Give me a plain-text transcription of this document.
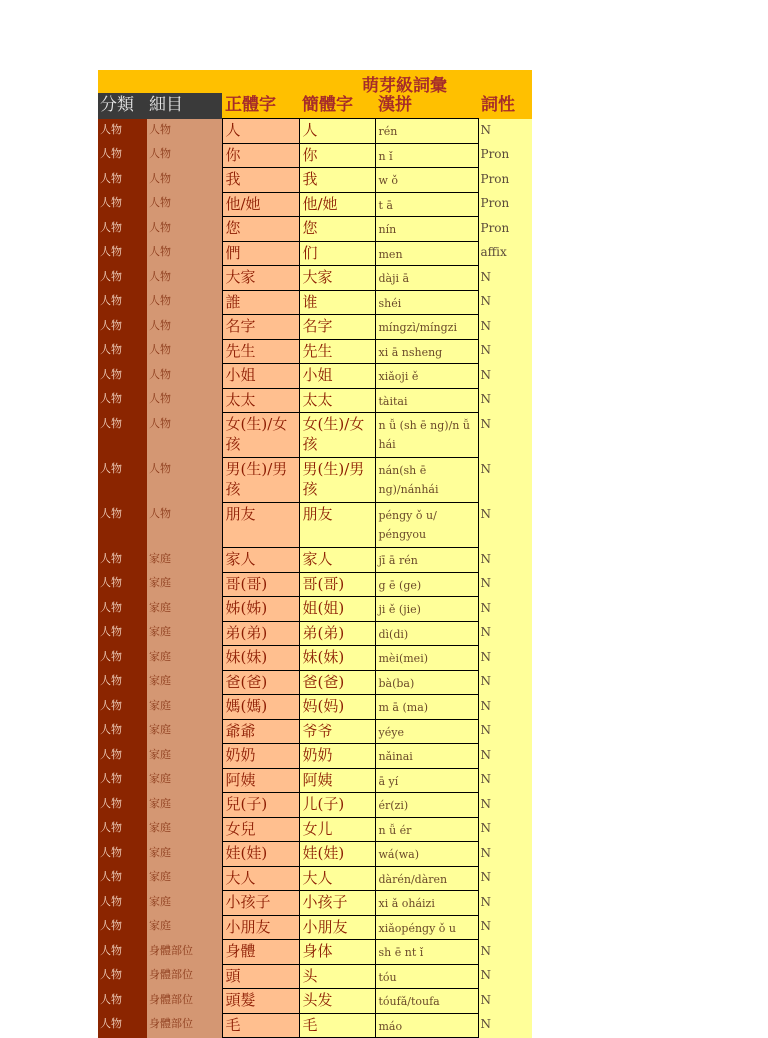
萌芽級詞彙
分類	細目	正體字	簡體字	漢拼	詞性
人物	人物	人	人	rén	N
人物	人物	你	你	n ǐ	Pron
人物	人物	我	我	w ǒ	Pron
人物	人物	他/她	他/她	t ā	Pron
人物	人物	您	您	nín	Pron
人物	人物	們	们	men	affix
人物	人物	大家	大家	dàji ā	N
人物	人物	誰	谁	shéi	N
人物	人物	名字	名字	míngzì/míngzi	N
人物	人物	先生	先生	xi ā nsheng	N
人物	人物	小姐	小姐	xiǎoji ě	N
人物	人物	太太	太太	tàitai	N
人物	人物	女(生)/女孩	女(生)/女孩	n ǚ (sh ē ng)/n ǚ hái	N
人物	人物	男(生)/男孩	男(生)/男孩	nán(sh ē ng)/nánhái	N
人物	人物	朋友	朋友	péngy ǒ u/ péngyou	N
人物	家庭	家人	家人	jī ā rén	N
人物	家庭	哥(哥)	哥(哥)	g ē (ge)	N
人物	家庭	姊(姊)	姐(姐)	ji ě (jie)	N
人物	家庭	弟(弟)	弟(弟)	dì(di)	N
人物	家庭	妹(妹)	妹(妹)	mèi(mei)	N
人物	家庭	爸(爸)	爸(爸)	bà(ba)	N
人物	家庭	媽(媽)	妈(妈)	m ā (ma)	N
人物	家庭	爺爺	爷爷	yéye	N
人物	家庭	奶奶	奶奶	nǎinai	N
人物	家庭	阿姨	阿姨	ā yí	N
人物	家庭	兒(子)	儿(子)	ér(zi)	N
人物	家庭	女兒	女儿	n ǚ ér	N
人物	家庭	娃(娃)	娃(娃)	wá(wa)	N
人物	家庭	大人	大人	dàrén/dàren	N
人物	家庭	小孩子	小孩子	xi ǎ oháizi	N
人物	家庭	小朋友	小朋友	xiǎopéngy ǒ u	N
人物	身體部位	身體	身体	sh ē nt ǐ	N
人物	身體部位	頭	头	tóu	N
人物	身體部位	頭髮	头发	tóufǎ/toufa	N
人物	身體部位	毛	毛	máo	N
